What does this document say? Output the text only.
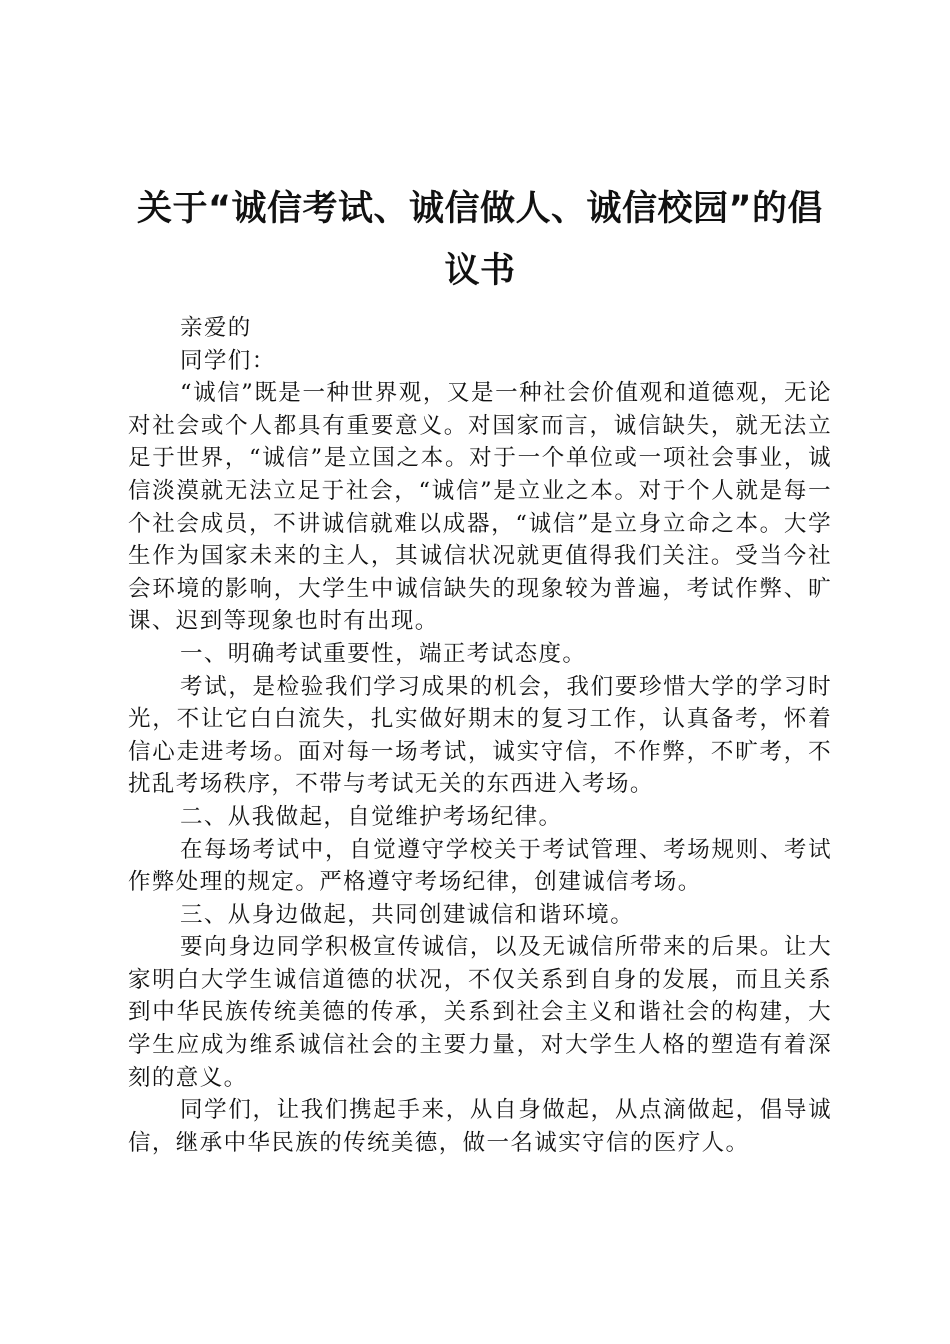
关于“诚信考试、诚信做人、诚信校园”的倡议书

亲爱的

同学们：

“诚信”既是一种世界观，又是一种社会价值观和道德观，无论对社会或个人都具有重要意义。对国家而言，诚信缺失，就无法立足于世界，“诚信”是立国之本。对于一个单位或一项社会事业，诚信淡漠就无法立足于社会，“诚信”是立业之本。对于个人就是每一个社会成员，不讲诚信就难以成器，“诚信”是立身立命之本。大学生作为国家未来的主人，其诚信状况就更值得我们关注。受当今社会环境的影响，大学生中诚信缺失的现象较为普遍，考试作弊、旷课、迟到等现象也时有出现。

一、明确考试重要性，端正考试态度。

考试，是检验我们学习成果的机会，我们要珍惜大学的学习时光，不让它白白流失，扎实做好期末的复习工作，认真备考，怀着信心走进考场。面对每一场考试，诚实守信，不作弊，不旷考，不扰乱考场秩序，不带与考试无关的东西进入考场。

二、从我做起，自觉维护考场纪律。

在每场考试中，自觉遵守学校关于考试管理、考场规则、考试作弊处理的规定。严格遵守考场纪律，创建诚信考场。

三、从身边做起，共同创建诚信和谐环境。

要向身边同学积极宣传诚信，以及无诚信所带来的后果。让大家明白大学生诚信道德的状况，不仅关系到自身的发展，而且关系到中华民族传统美德的传承，关系到社会主义和谐社会的构建，大学生应成为维系诚信社会的主要力量，对大学生人格的塑造有着深刻的意义。

同学们，让我们携起手来，从自身做起，从点滴做起，倡导诚信，继承中华民族的传统美德，做一名诚实守信的医疗人。
